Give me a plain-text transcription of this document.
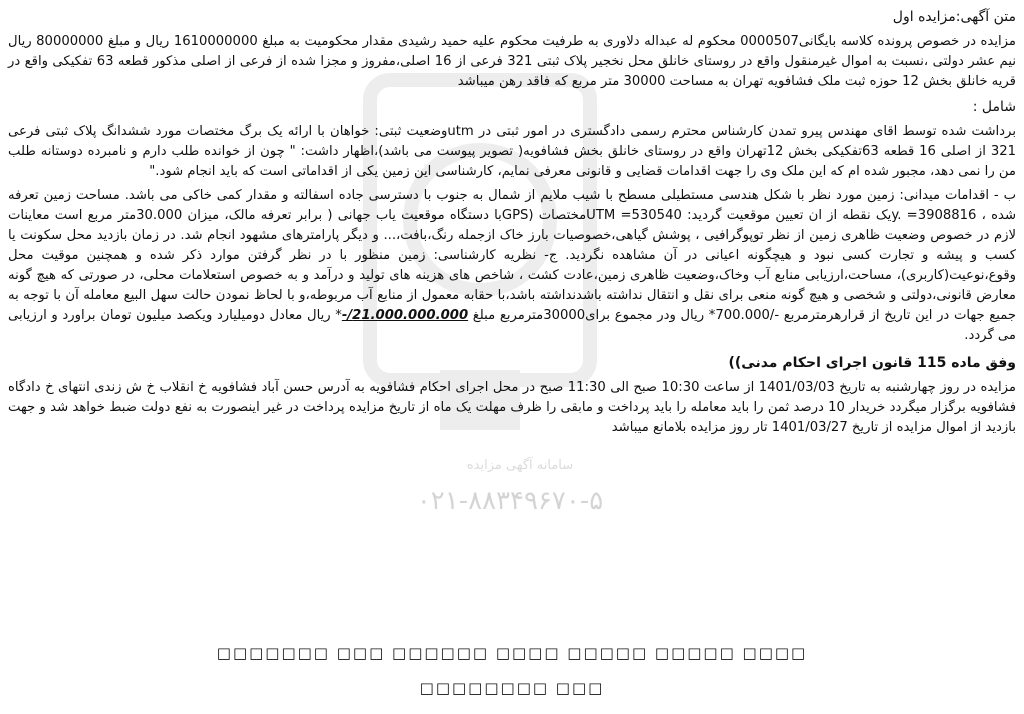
سامانه آگهی مزایده
۰۲۱-۸۸۳۴۹۶۷۰-۵
متن آگهی:مزایده اول

مزایده در خصوص پرونده کلاسه بایگانی0000507 محکوم له عبداله دلاوری به طرفیت محکوم علیه حمید رشیدی مقدار محکومیت به مبلغ 1610000000 ریال و مبلغ 80000000 ریال نیم عشر دولتی ،نسبت به اموال غیرمنقول واقع در روستای خانلق محل نخجیر پلاک ثبتی 321 فرعی از 16 اصلی،مفروز و مجزا شده از فرعی از اصلی مذکور قطعه 63 تفکیکی واقع در قریه خانلق بخش 12 حوزه ثبت ملک فشافویه تهران به مساحت 30000 متر مربع که فاقد رهن میباشد

شامل :

برداشت شده توسط اقای مهندس پیرو تمدن کارشناس محترم رسمی دادگستری در امور ثبتی در utmوضعیت ثبتی: خواهان با ارائه یک برگ مختصات مورد ششدانگ پلاک ثبتی فرعی 321 از اصلی 16 قطعه 63تفکیکی بخش 12تهران واقع در روستای خانلق بخش فشافویه( تصویر پیوست می باشد)،اظهار داشت: " چون از خوانده طلب دارم و نامبرده دوستانه طلب من را نمی دهد، مجبور شده ام که این ملک وی را جهت اقدامات قضایی و قانونی معرفی نمایم، کارشناسی این زمین یکی از اقداماتی است که باید انجام شود."

ب - اقدامات میدانی: زمین مورد نظر با شکل هندسی مستطیلی مسطح با شیب ملایم از شمال به جنوب با دسترسی جاده اسفالته و مقدار کمی خاکی می باشد. مساحت زمین تعرفه شده ، y. =3908816یک نقطه از ان تعیین موقعیت گردید: UTM =530540مختصات (GPSبا دستگاه موقعیت یاب جهانی ( برابر تعرفه مالک، میزان 30.000متر مربع است معاینات لازم در خصوص وضعیت ظاهری زمین از نظر توپوگرافیی ، پوشش گیاهی،خصوصیات بارز خاک ازجمله رنگ،بافت،... و دیگر پارامترهای مشهود انجام شد. در زمان بازدید محل سکونت یا کسب و پیشه و تجارت کسی نبود و هیچگونه اعیانی در آن مشاهده نگردید. ج- نظریه کارشناسی: زمین منظور با در نظر گرفتن موارد ذکر شده و همچنین موقیت محل وقوع،نوعیت(کاربری)، مساحت،ارزیابی منابع آب وخاک،وضعیت ظاهری زمین،عادت کشت ، شاخص های هزینه های تولید و درآمد و به خصوص استعلامات محلی، در صورتی که هیچ گونه معارض قانونی،دولتی و شخصی و هیچ گونه منعی برای نقل و انتقال نداشته باشدنداشته باشد،با حقابه معمول از منابع آب مربوطه،و با لحاظ نمودن حالت سهل البیع معامله آن با توجه به جمیع جهات در این تاریخ از قرارهرمترمربع -/700.000* ریال ودر مجموع برای30000مترمربع مبلغ 21.000.000.000/-* ریال معادل دومیلیارد ویکصد میلیون تومان براورد و ارزیابی می گردد.

وفق ماده 115 قانون اجرای احکام مدنی))

مزایده در روز چهارشنبه به تاریخ 1401/03/03 از ساعت 10:30 صبح الی 11:30 صبح در محل اجرای احکام فشافویه به آدرس حسن آباد فشافویه خ انقلاب خ ش زندی انتهای خ دادگاه فشافویه برگزار میگردد خریدار 10 درصد ثمن را باید معامله را باید پرداخت و مابقی را ظرف مهلت یک ماه از تاریخ مزایده پرداخت در غیر اینصورت به نفع دولت ضبط خواهد شد و جهت بازدید از اموال مزایده از تاریخ 1401/03/27 تار روز مزایده بلامانع میباشد

□□□□□□□ □□□ □□□□□□ □□□□ □□□□□ □□□□□ □□□□
□□□□□□□□ □□□
